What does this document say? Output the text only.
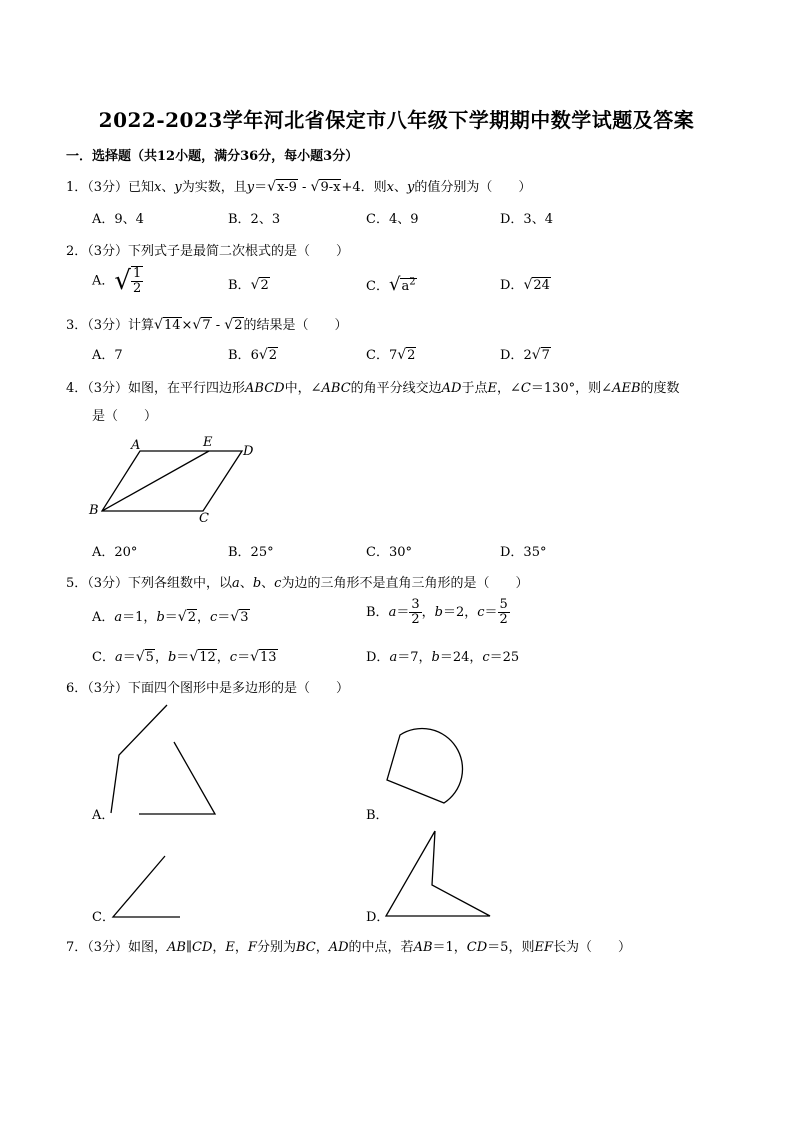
2022-2023学年河北省保定市八年级下学期期中数学试题及答案
一．选择题（共12小题，满分36分，每小题3分）
1．（3分）已知x、y为实数，且y＝√x-9 - √9-x+4．则x、y的值分别为（　　）
A．9、4	B．2、3	C．4、9	D．3、4
2．（3分）下列式子是最简二次根式的是（　　）
A．√ $\frac{1}{2}$	B．√2	C．$√a^2$	D．√24
3．（3分）计算√14×√7 - √2的结果是（　　）
A．7	B．6√2	C．7√2	D．2√7
4．（3分）如图，在平行四边形ABCD中，∠ABC的角平分线交边AD于点E，∠C＝130°，则∠AEB的度数
是（　　）
A	E
D
B
C
A．20°	B．25°	C．30°	D．35°
5．（3分）下列各组数中，以a、b、c为边的三角形不是直角三角形的是（　　）
A．a＝1，b＝√2，c＝√3	B．$a= \frac{3}{2}$ ，b＝2，$c= \frac{5}{2}$
C．a＝√5，b＝√12，c＝√13	D．a＝7，b＝24，c＝25
6．（3分）下面四个图形中是多边形的是（　　）
A．	B．
C．	D．
7．（3分）如图，AB∥CD，E，F分别为BC，AD的中点，若AB＝1，CD＝5，则EF长为（　　）
